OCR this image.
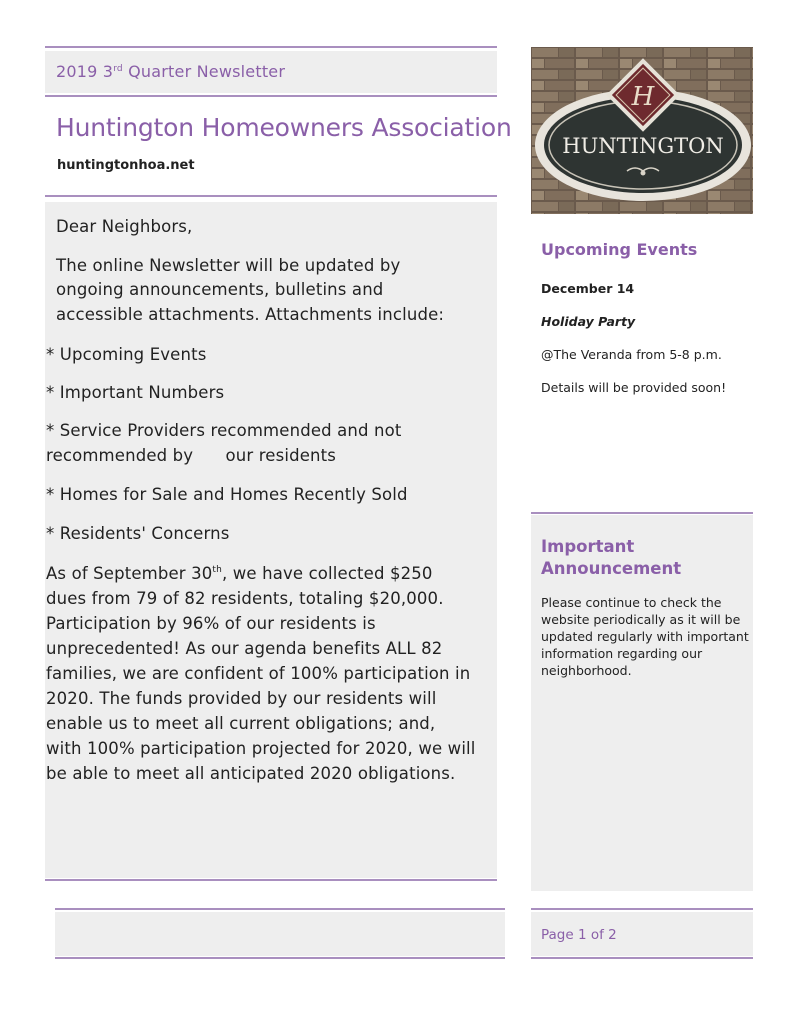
2019 3rd Quarter Newsletter
Huntington Homeowners Association
huntingtonhoa.net
Dear Neighbors,
The online Newsletter will be updated by
ongoing announcements, bulletins and
accessible attachments. Attachments include:
* Upcoming Events
* Important Numbers
* Service Providers recommended and not
recommended by      our residents
* Homes for Sale and Homes Recently Sold
* Residents' Concerns
As of September 30th, we have collected $250
dues from 79 of 82 residents, totaling $20,000.
Participation by 96% of our residents is
unprecedented! As our agenda benefits ALL 82
families, we are confident of 100% participation in
2020. The funds provided by our residents will
enable us to meet all current obligations; and,
with 100% participation projected for 2020, we will
be able to meet all anticipated 2020 obligations.
H
HUNTINGTON
Upcoming Events
December 14
Holiday Party
@The Veranda from 5-8 p.m.
Details will be provided soon!
Important
Announcement
Please continue to check the website periodically as it will be updated regularly with important information regarding our neighborhood.
Page 1 of 2
